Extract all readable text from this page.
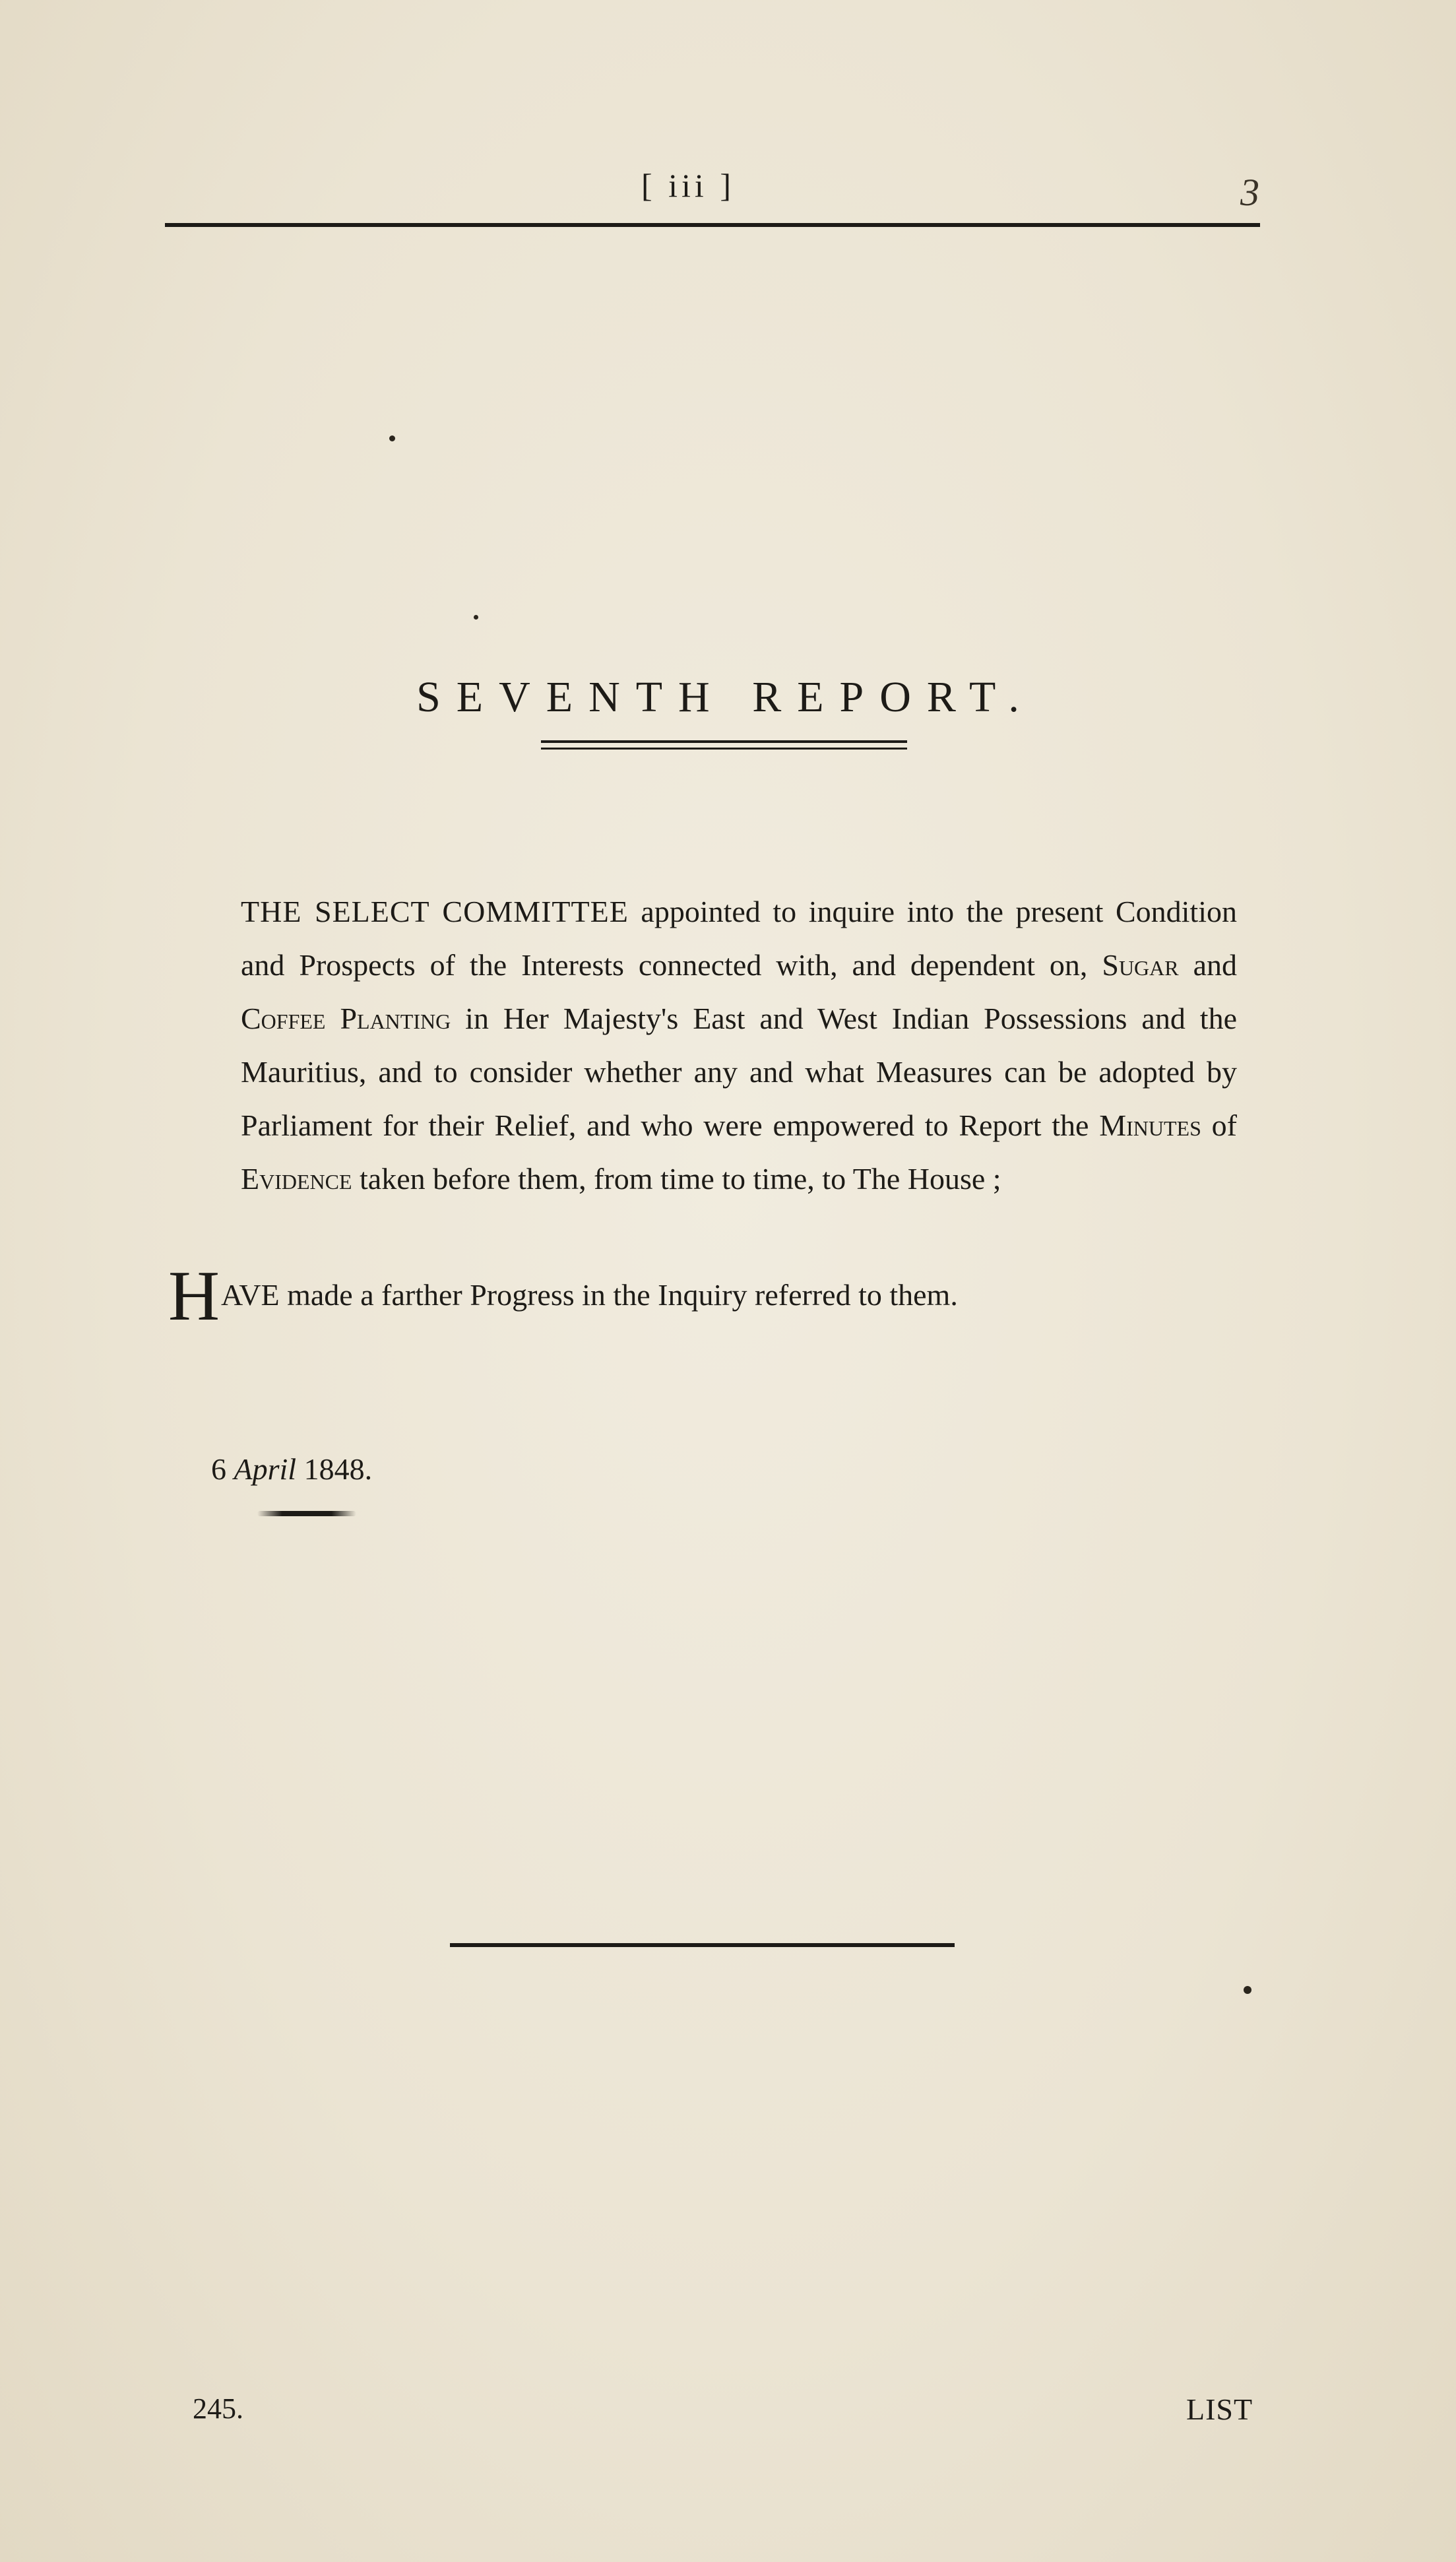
[ iii ]	3
SEVENTH REPORT.

THE SELECT COMMITTEE appointed to inquire into the present Condition and Prospects of the Interests connected with, and dependent on, Sugar and Coffee Planting in Her Majesty's East and West Indian Possessions and the Mauritius, and to consider whether any and what Measures can be adopted by Parliament for their Relief, and who were empowered to Report the Minutes of Evidence taken before them, from time to time, to The House ;

HAVE made a farther Progress in the Inquiry referred to them.
6 April 1848.
245.	LIST
